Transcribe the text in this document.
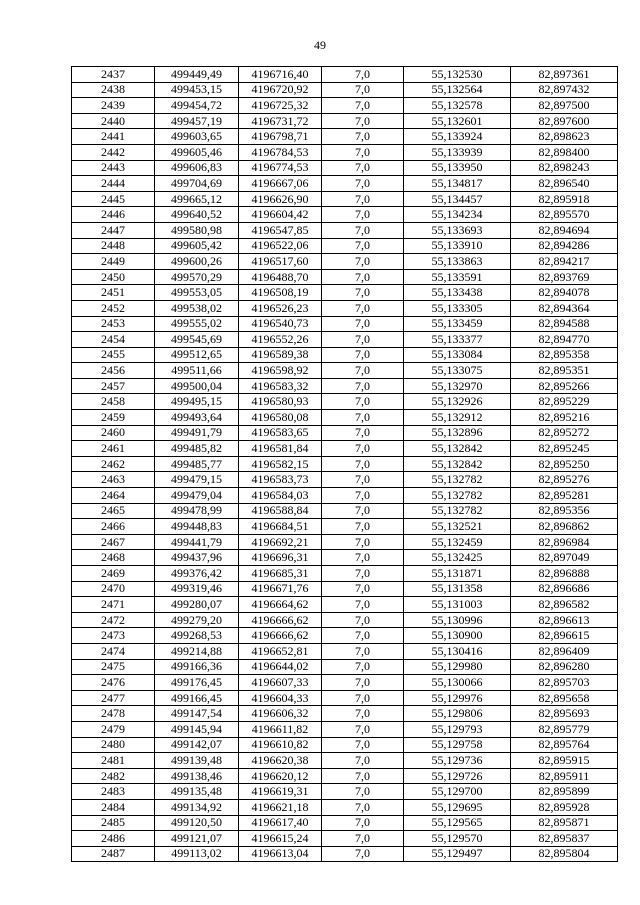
49
2437	499449,49	4196716,40	7,0	55,132530	82,897361
2438	499453,15	4196720,92	7,0	55,132564	82,897432
2439	499454,72	4196725,32	7,0	55,132578	82,897500
2440	499457,19	4196731,72	7,0	55,132601	82,897600
2441	499603,65	4196798,71	7,0	55,133924	82,898623
2442	499605,46	4196784,53	7,0	55,133939	82,898400
2443	499606,83	4196774,53	7,0	55,133950	82,898243
2444	499704,69	4196667,06	7,0	55,134817	82,896540
2445	499665,12	4196626,90	7,0	55,134457	82,895918
2446	499640,52	4196604,42	7,0	55,134234	82,895570
2447	499580,98	4196547,85	7,0	55,133693	82,894694
2448	499605,42	4196522,06	7,0	55,133910	82,894286
2449	499600,26	4196517,60	7,0	55,133863	82,894217
2450	499570,29	4196488,70	7,0	55,133591	82,893769
2451	499553,05	4196508,19	7,0	55,133438	82,894078
2452	499538,02	4196526,23	7,0	55,133305	82,894364
2453	499555,02	4196540,73	7,0	55,133459	82,894588
2454	499545,69	4196552,26	7,0	55,133377	82,894770
2455	499512,65	4196589,38	7,0	55,133084	82,895358
2456	499511,66	4196598,92	7,0	55,133075	82,895351
2457	499500,04	4196583,32	7,0	55,132970	82,895266
2458	499495,15	4196580,93	7,0	55,132926	82,895229
2459	499493,64	4196580,08	7,0	55,132912	82,895216
2460	499491,79	4196583,65	7,0	55,132896	82,895272
2461	499485,82	4196581,84	7,0	55,132842	82,895245
2462	499485,77	4196582,15	7,0	55,132842	82,895250
2463	499479,15	4196583,73	7,0	55,132782	82,895276
2464	499479,04	4196584,03	7,0	55,132782	82,895281
2465	499478,99	4196588,84	7,0	55,132782	82,895356
2466	499448,83	4196684,51	7,0	55,132521	82,896862
2467	499441,79	4196692,21	7,0	55,132459	82,896984
2468	499437,96	4196696,31	7,0	55,132425	82,897049
2469	499376,42	4196685,31	7,0	55,131871	82,896888
2470	499319,46	4196671,76	7,0	55,131358	82,896686
2471	499280,07	4196664,62	7,0	55,131003	82,896582
2472	499279,20	4196666,62	7,0	55,130996	82,896613
2473	499268,53	4196666,62	7,0	55,130900	82,896615
2474	499214,88	4196652,81	7,0	55,130416	82,896409
2475	499166,36	4196644,02	7,0	55,129980	82,896280
2476	499176,45	4196607,33	7,0	55,130066	82,895703
2477	499166,45	4196604,33	7,0	55,129976	82,895658
2478	499147,54	4196606,32	7,0	55,129806	82,895693
2479	499145,94	4196611,82	7,0	55,129793	82,895779
2480	499142,07	4196610,82	7,0	55,129758	82,895764
2481	499139,48	4196620,38	7,0	55,129736	82,895915
2482	499138,46	4196620,12	7,0	55,129726	82,895911
2483	499135,48	4196619,31	7,0	55,129700	82,895899
2484	499134,92	4196621,18	7,0	55,129695	82,895928
2485	499120,50	4196617,40	7,0	55,129565	82,895871
2486	499121,07	4196615,24	7,0	55,129570	82,895837
2487	499113,02	4196613,04	7,0	55,129497	82,895804
